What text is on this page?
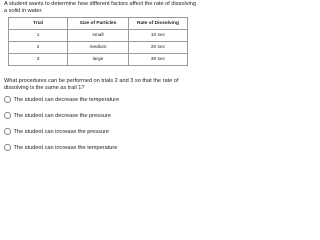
A student wants to determine how different factors affect the rate of dissolving a solid in water.

Trial	Size of Particles	Rate of Dissolving
1	small	10 sec
2	medium	20 sec
3	large	30 sec

What procedures can be performed on trials 2 and 3 so that the rate of dissolving is the same as trail 1?

The student can decrease the temperature
The student can decrease the pressure
The student can increase the pressure
The student can increase the temperature
